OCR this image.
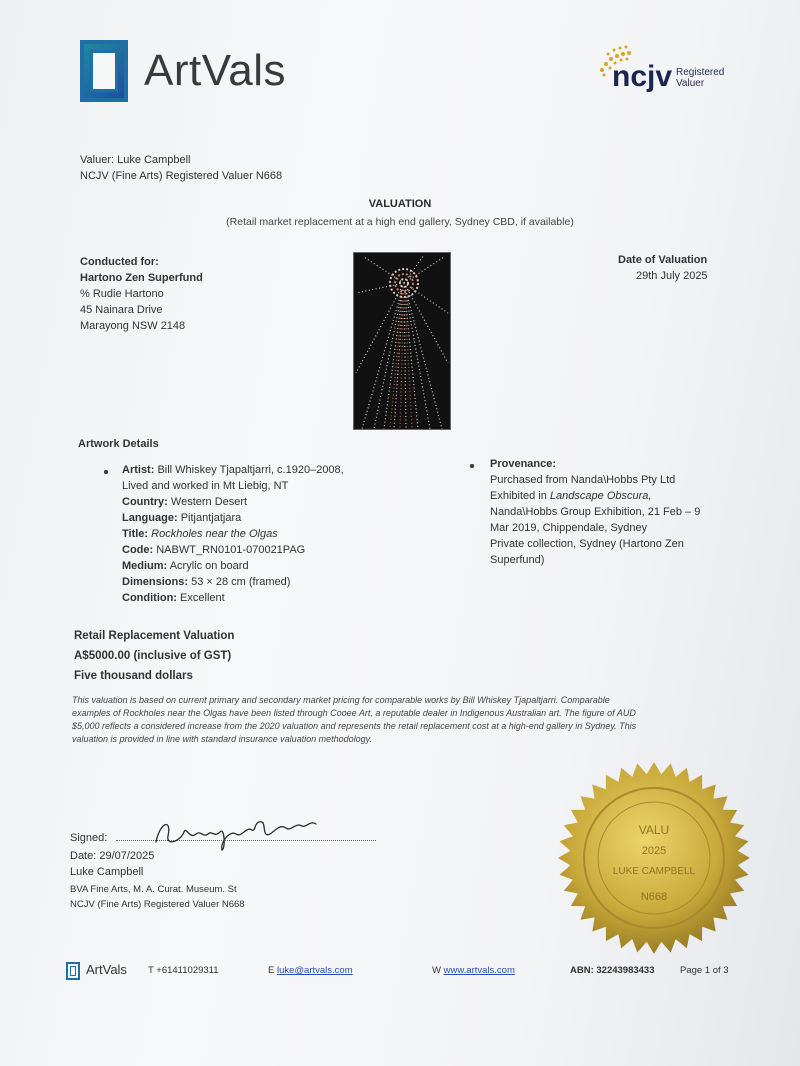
ArtVals	ncjv Registered
Valuer
Valuer: Luke Campbell
NCJV (Fine Arts) Registered Valuer N668
VALUATION
(Retail market replacement at a high end gallery, Sydney CBD, if available)
Conducted for:
Hartono Zen Superfund
% Rudie Hartono
45 Nainara Drive
Marayong NSW 2148
Date of Valuation
29th July 2025
Artwork Details
Artist: Bill Whiskey Tjapaltjarri, c.1920–2008,
Lived and worked in Mt Liebig, NT
Country: Western Desert
Language: Pitjantjatjara
Title: Rockholes near the Olgas
Code: NABWT_RN0101-070021PAG
Medium: Acrylic on board
Dimensions: 53 × 28 cm (framed)
Condition: Excellent
Provenance:
Purchased from Nanda\Hobbs Pty Ltd
Exhibited in Landscape Obscura,
Nanda\Hobbs Group Exhibition, 21 Feb – 9
Mar 2019, Chippendale, Sydney
Private collection, Sydney (Hartono Zen
Superfund)
Retail Replacement Valuation
A$5000.00 (inclusive of GST)
Five thousand dollars
This valuation is based on current primary and secondary market pricing for comparable works by Bill Whiskey Tjapaltjarri. Comparable
examples of Rockholes near the Olgas have been listed through Cooee Art, a reputable dealer in Indigenous Australian art. The figure of AUD
$5,000 reflects a considered increase from the 2020 valuation and represents the retail replacement cost at a high-end gallery in Sydney. This
valuation is provided in line with standard insurance valuation methodology.
VALU
2025
LUKE CAMPBELL
N668
Signed:
Date: 29/07/2025
Luke Campbell
BVA Fine Arts, M. A. Curat. Museum. St
NCJV (Fine Arts) Registered Valuer N668
ArtVals T +61411029311	E luke@artvals.com	W www.artvals.com	ABN: 32243983433	Page 1 of 3
